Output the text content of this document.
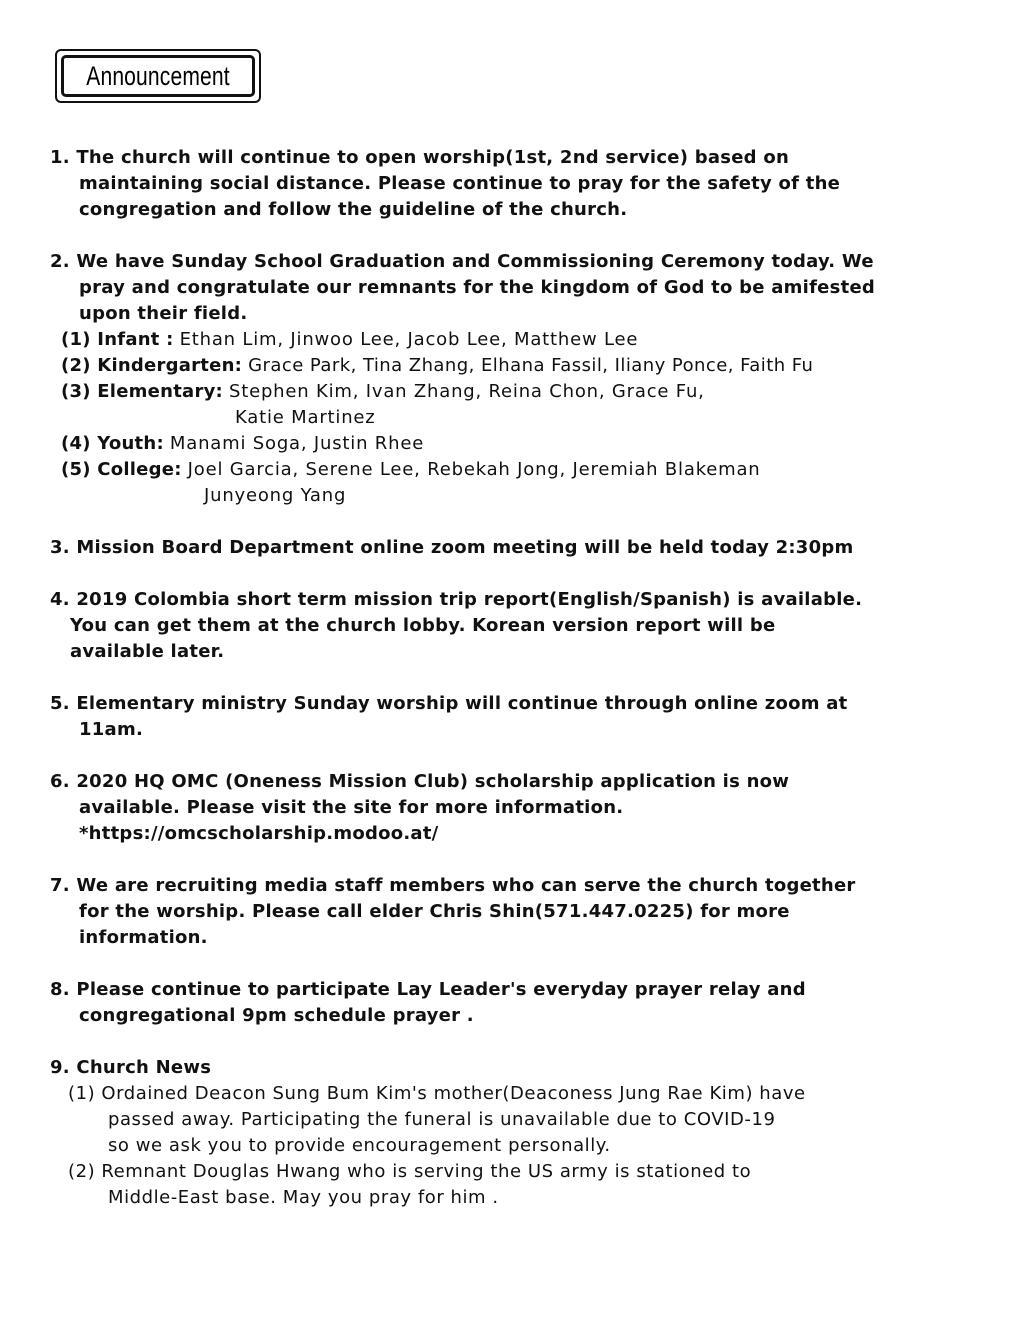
Announcement
1. The church will continue to open worship(1st, 2nd service) based on
maintaining social distance. Please continue to pray for the safety of the
congregation and follow the guideline of the church.
2. We have Sunday School Graduation and Commissioning Ceremony today. We
pray and congratulate our remnants for the kingdom of God to be amifested
upon their field.
(1) Infant : Ethan Lim, Jinwoo Lee, Jacob Lee, Matthew Lee
(2) Kindergarten: Grace Park, Tina Zhang, Elhana Fassil, Iliany Ponce, Faith Fu
(3) Elementary: Stephen Kim, Ivan Zhang, Reina Chon, Grace Fu,
Katie Martinez
(4) Youth: Manami Soga, Justin Rhee
(5) College: Joel Garcia, Serene Lee, Rebekah Jong, Jeremiah Blakeman
Junyeong Yang
3. Mission Board Department online zoom meeting will be held today 2:30pm
4. 2019 Colombia short term mission trip report(English/Spanish) is available.
You can get them at the church lobby. Korean version report will be
available later.
5. Elementary ministry Sunday worship will continue through online zoom at
11am.
6. 2020 HQ OMC (Oneness Mission Club) scholarship application is now
available. Please visit the site for more information.
*https://omcscholarship.modoo.at/
7. We are recruiting media staff members who can serve the church together
for the worship. Please call elder Chris Shin(571.447.0225) for more
information.
8. Please continue to participate Lay Leader's everyday prayer relay and
congregational 9pm schedule prayer .
9. Church News
(1) Ordained Deacon Sung Bum Kim's mother(Deaconess Jung Rae Kim) have
passed away. Participating the funeral is unavailable due to COVID-19
so we ask you to provide encouragement personally.
(2) Remnant Douglas Hwang who is serving the US army is stationed to
Middle-East base. May you pray for him .
